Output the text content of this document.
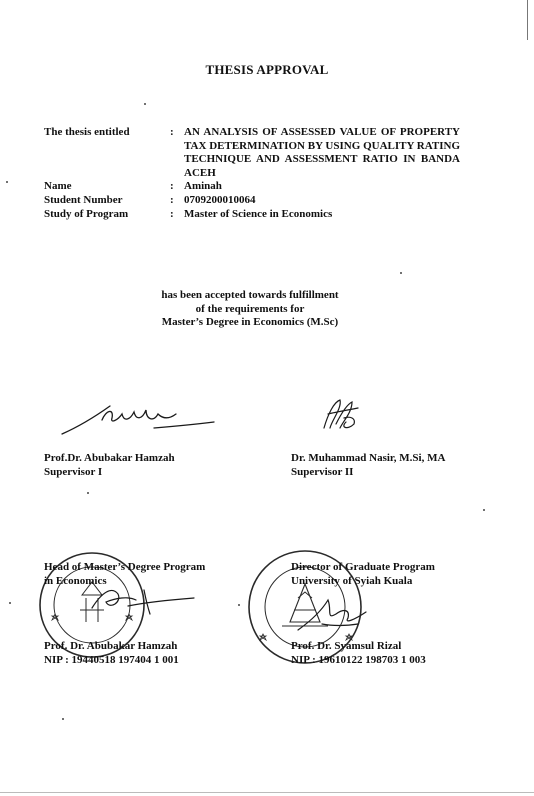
THESIS APPROVAL
The thesis entitled	: AN ANALYSIS OF ASSESSED VALUE OF PROPERTY TAX DETERMINATION BY USING QUALITY RATING TECHNIQUE AND ASSESSMENT RATIO IN BANDA ACEH
Name	: Aminah
Student Number	: 0709200010064
Study of Program	: Master of Science in Economics
has been accepted towards fulfillment
of the requirements for
Master’s Degree in Economics (M.Sc)
Prof.Dr. Abubakar Hamzah
Supervisor I
Dr. Muhammad Nasir, M.Si, MA
Supervisor II
Head of Master’s Degree Program
in Economics
Prof. Dr. Abubakar Hamzah
NIP : 19440518 197404 1 001
Director of Graduate Program
University of Syiah Kuala
Prof. Dr. Syamsul Rizal
NIP : 19610122 198703 1 003
